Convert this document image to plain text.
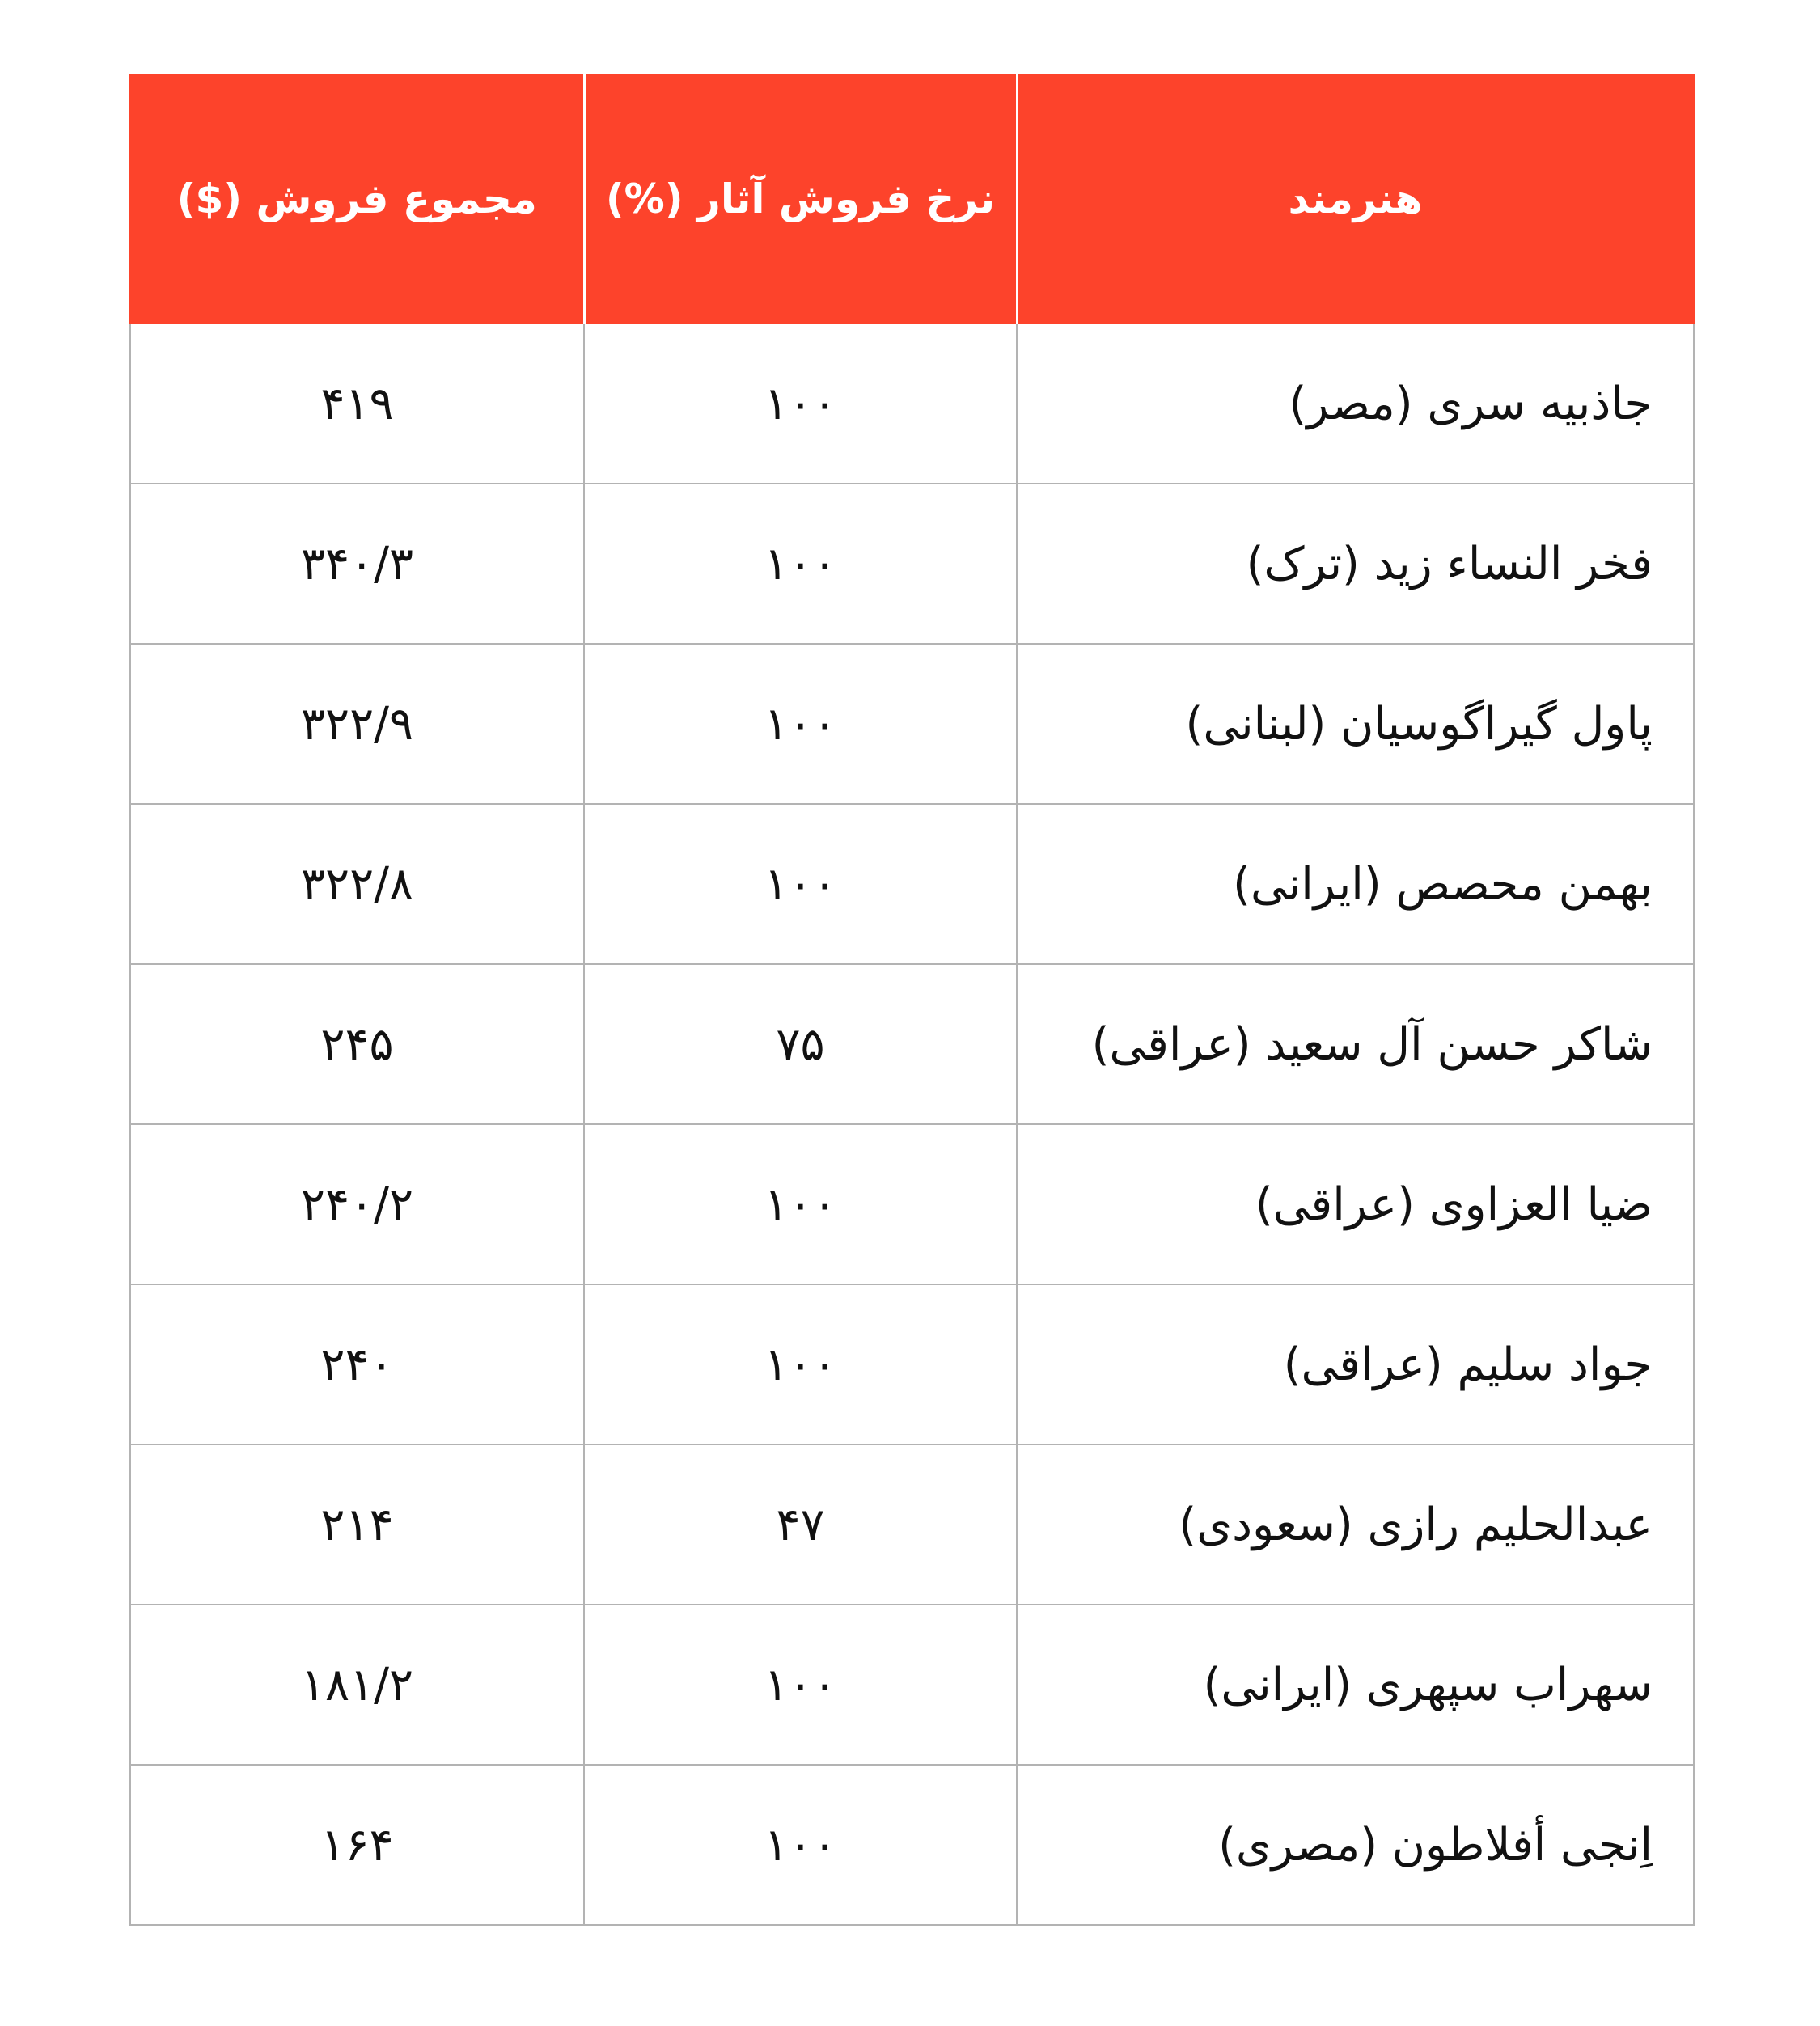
هنرمند	نرخ فروش آثار (%)	مجموع فروش ($)
جاذبیه سری (مصر)	۱۰۰	۴۱۹
فخر النساء زید (ترک)	۱۰۰	۳۴۰/۳
پاول گیراگوسیان (لبنانی)	۱۰۰	۳۲۲/۹
بهمن محصص (ایرانی)	۱۰۰	۳۲۲/۸
شاکر حسن آل سعید (عراقی)	۷۵	۲۴۵
ضیا العزاوی (عراقی)	۱۰۰	۲۴۰/۲
جواد سلیم (عراقی)	۱۰۰	۲۴۰
عبدالحلیم رازی (سعودی)	۴۷	۲۱۴
سهراب سپهری (ایرانی)	۱۰۰	۱۸۱/۲
اِنجی أفلاطون (مصری)	۱۰۰	۱۶۴
